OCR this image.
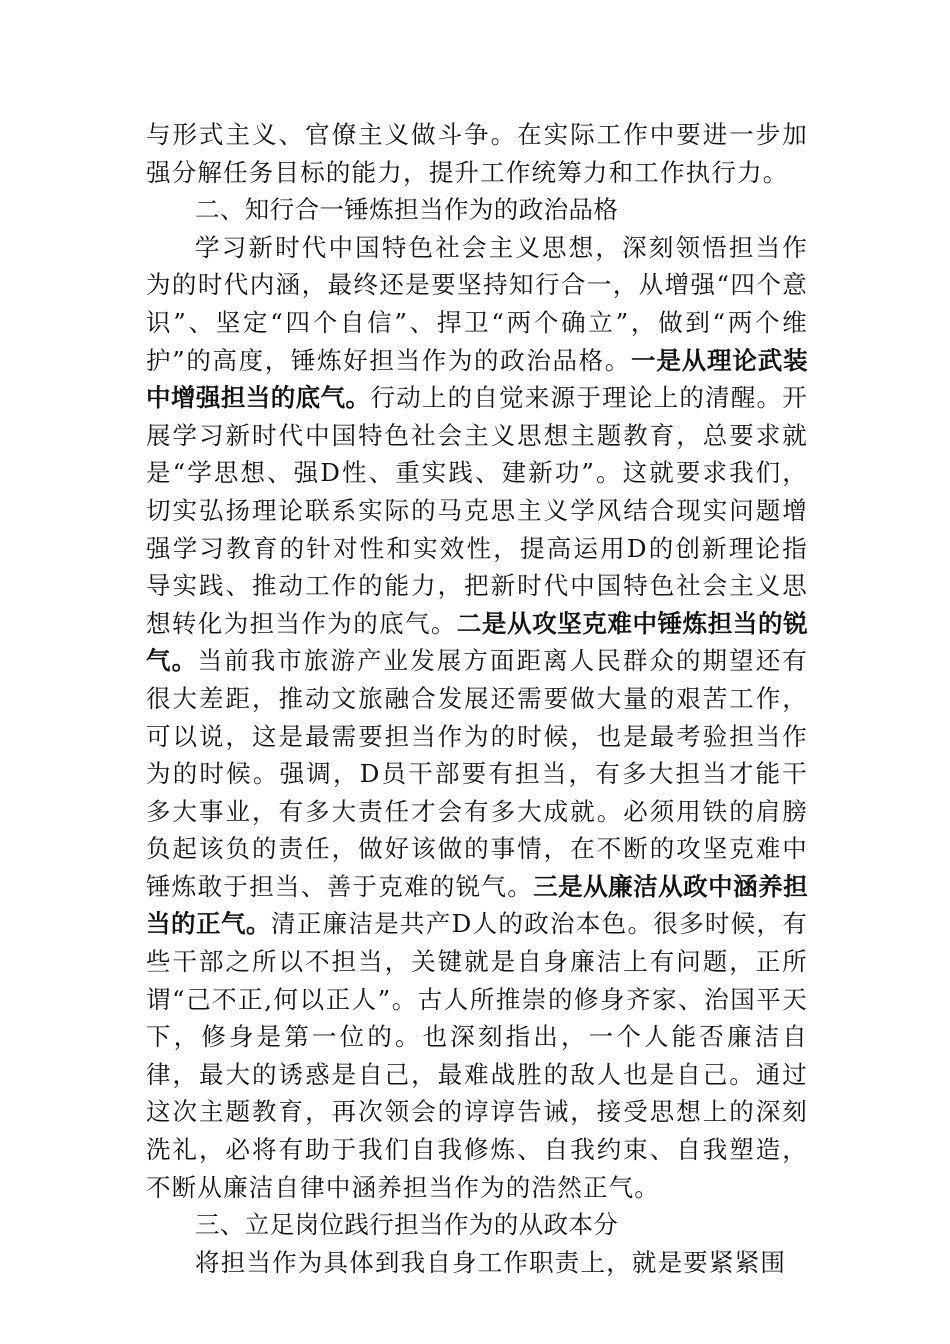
与形式主义、官僚主义做斗争。在实际工作中要进一步加强分解任务目标的能力，提升工作统筹力和工作执行力。

二、知行合一锤炼担当作为的政治品格

学习新时代中国特色社会主义思想，深刻领悟担当作为的时代内涵，最终还是要坚持知行合一，从增强“四个意识”、坚定“四个自信”、捍卫“两个确立”，做到“两个维护”的高度，锤炼好担当作为的政治品格。一是从理论武装中增强担当的底气。行动上的自觉来源于理论上的清醒。开展学习新时代中国特色社会主义思想主题教育，总要求就是“学思想、强D性、重实践、建新功”。这就要求我们，切实弘扬理论联系实际的马克思主义学风结合现实问题增强学习教育的针对性和实效性，提高运用D的创新理论指导实践、推动工作的能力，把新时代中国特色社会主义思想转化为担当作为的底气。二是从攻坚克难中锤炼担当的锐气。当前我市旅游产业发展方面距离人民群众的期望还有很大差距，推动文旅融合发展还需要做大量的艰苦工作，可以说，这是最需要担当作为的时候，也是最考验担当作为的时候。强调，D员干部要有担当，有多大担当才能干多大事业，有多大责任才会有多大成就。必须用铁的肩膀负起该负的责任，做好该做的事情，在不断的攻坚克难中锤炼敢于担当、善于克难的锐气。三是从廉洁从政中涵养担当的正气。清正廉洁是共产D人的政治本色。很多时候，有些干部之所以不担当，关键就是自身廉洁上有问题，正所谓“己不正,何以正人”。古人所推崇的修身齐家、治国平天下，修身是第一位的。也深刻指出，一个人能否廉洁自律，最大的诱惑是自己，最难战胜的敌人也是自己。通过这次主题教育，再次领会的谆谆告诫，接受思想上的深刻洗礼，必将有助于我们自我修炼、自我约束、自我塑造，不断从廉洁自律中涵养担当作为的浩然正气。

三、立足岗位践行担当作为的从政本分

将担当作为具体到我自身工作职责上，就是要紧紧围
